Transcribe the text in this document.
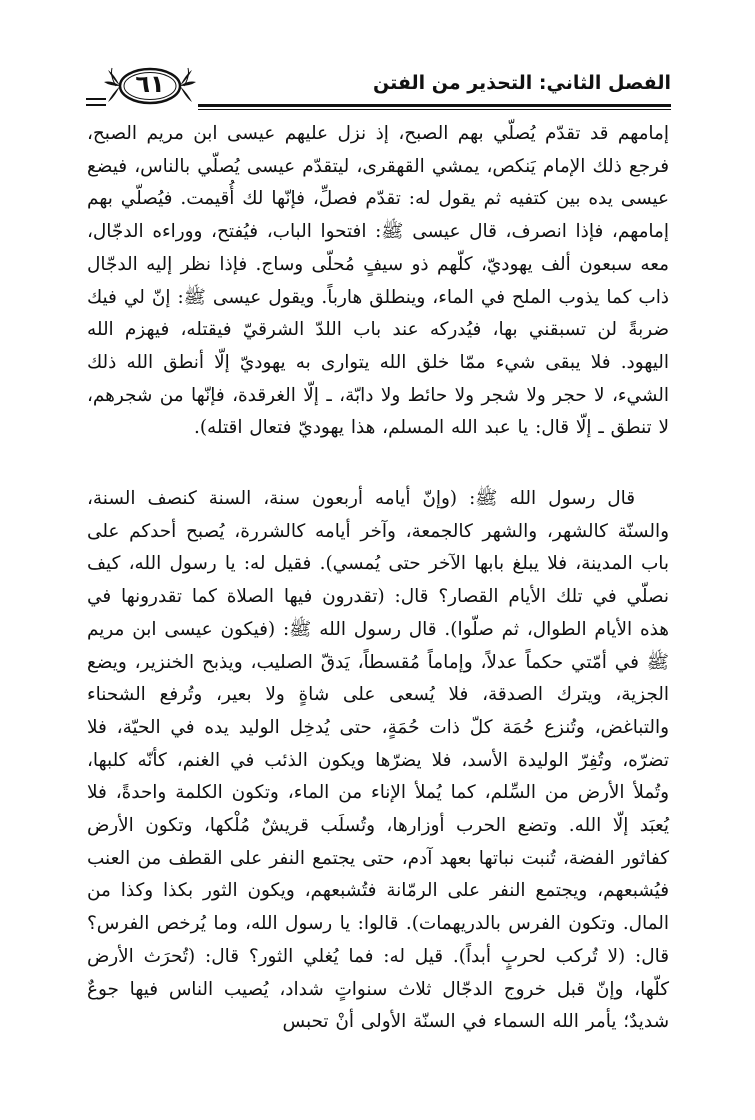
الفصل الثاني: التحذير من الفتن
٦١

إمامهم قد تقدّم يُصلّي بهم الصبح، إذ نزل عليهم عيسى ابن مريم الصبح، فرجع ذلك الإمام يَنكص، يمشي القهقرى، ليتقدّم عيسى يُصلّي بالناس، فيضع عيسى يده بين كتفيه ثم يقول له: تقدّم فصلِّ، فإنّها لك أُقيمت. فيُصلّي بهم إمامهم، فإذا انصرف، قال عيسى ﷺ: افتحوا الباب، فيُفتح، ووراءه الدجّال، معه سبعون ألف يهوديّ، كلّهم ذو سيفٍ مُحلّى وساج. فإذا نظر إليه الدجّال ذاب كما يذوب الملح في الماء، وينطلق هارباً. ويقول عيسى ﷺ: إنّ لي فيك ضربةً لن تسبقني بها، فيُدركه عند باب اللدّ الشرقيّ فيقتله، فيهزم الله اليهود. فلا يبقى شيء ممّا خلق الله يتوارى به يهوديّ إلّا أنطق الله ذلك الشيء، لا حجر ولا شجر ولا حائط ولا دابّة، ـ إلّا الغرقدة، فإنّها من شجرهم، لا تنطق ـ إلّا قال: يا عبد الله المسلم، هذا يهوديّ فتعال اقتله).

قال رسول الله ﷺ: (وإنّ أيامه أربعون سنة، السنة كنصف السنة، والسنّة كالشهر، والشهر كالجمعة، وآخر أيامه كالشررة، يُصبح أحدكم على باب المدينة، فلا يبلغ بابها الآخر حتى يُمسي). فقيل له: يا رسول الله، كيف نصلّي في تلك الأيام القصار؟ قال: (تقدرون فيها الصلاة كما تقدرونها في هذه الأيام الطوال، ثم صلّوا). قال رسول الله ﷺ: (فيكون عيسى ابن مريم ﷺ في أمّتي حكماً عدلاً، وإماماً مُقسطاً، يَدقّ الصليب، ويذبح الخنزير، ويضع الجزية، ويترك الصدقة، فلا يُسعى على شاةٍ ولا بعير، وتُرفع الشحناء والتباغض، وتُنزع حُمَة كلّ ذات حُمَةٍ، حتى يُدخِل الوليد يده في الحيّة، فلا تضرّه، وتُفِرّ الوليدة الأسد، فلا يضرّها ويكون الذئب في الغنم، كأنّه كلبها، وتُملأ الأرض من السِّلم، كما يُملأ الإناء من الماء، وتكون الكلمة واحدةً، فلا يُعبَد إلّا الله. وتضع الحرب أوزارها، وتُسلَب قريشٌ مُلْكها، وتكون الأرض كفاثور الفضة، تُنبت نباتها بعهد آدم، حتى يجتمع النفر على القطف من العنب فيُشبعهم، ويجتمع النفر على الرمّانة فتُشبعهم، ويكون الثور بكذا وكذا من المال. وتكون الفرس بالدريهمات). قالوا: يا رسول الله، وما يُرخص الفرس؟ قال: (لا تُركب لحربٍ أبداً). قيل له: فما يُغلي الثور؟ قال: (تُحرَث الأرض كلّها، وإنّ قبل خروج الدجّال ثلاث سنواتٍ شداد، يُصيب الناس فيها جوعٌ شديدٌ؛ يأمر الله السماء في السنّة الأولى أنْ تحبس
